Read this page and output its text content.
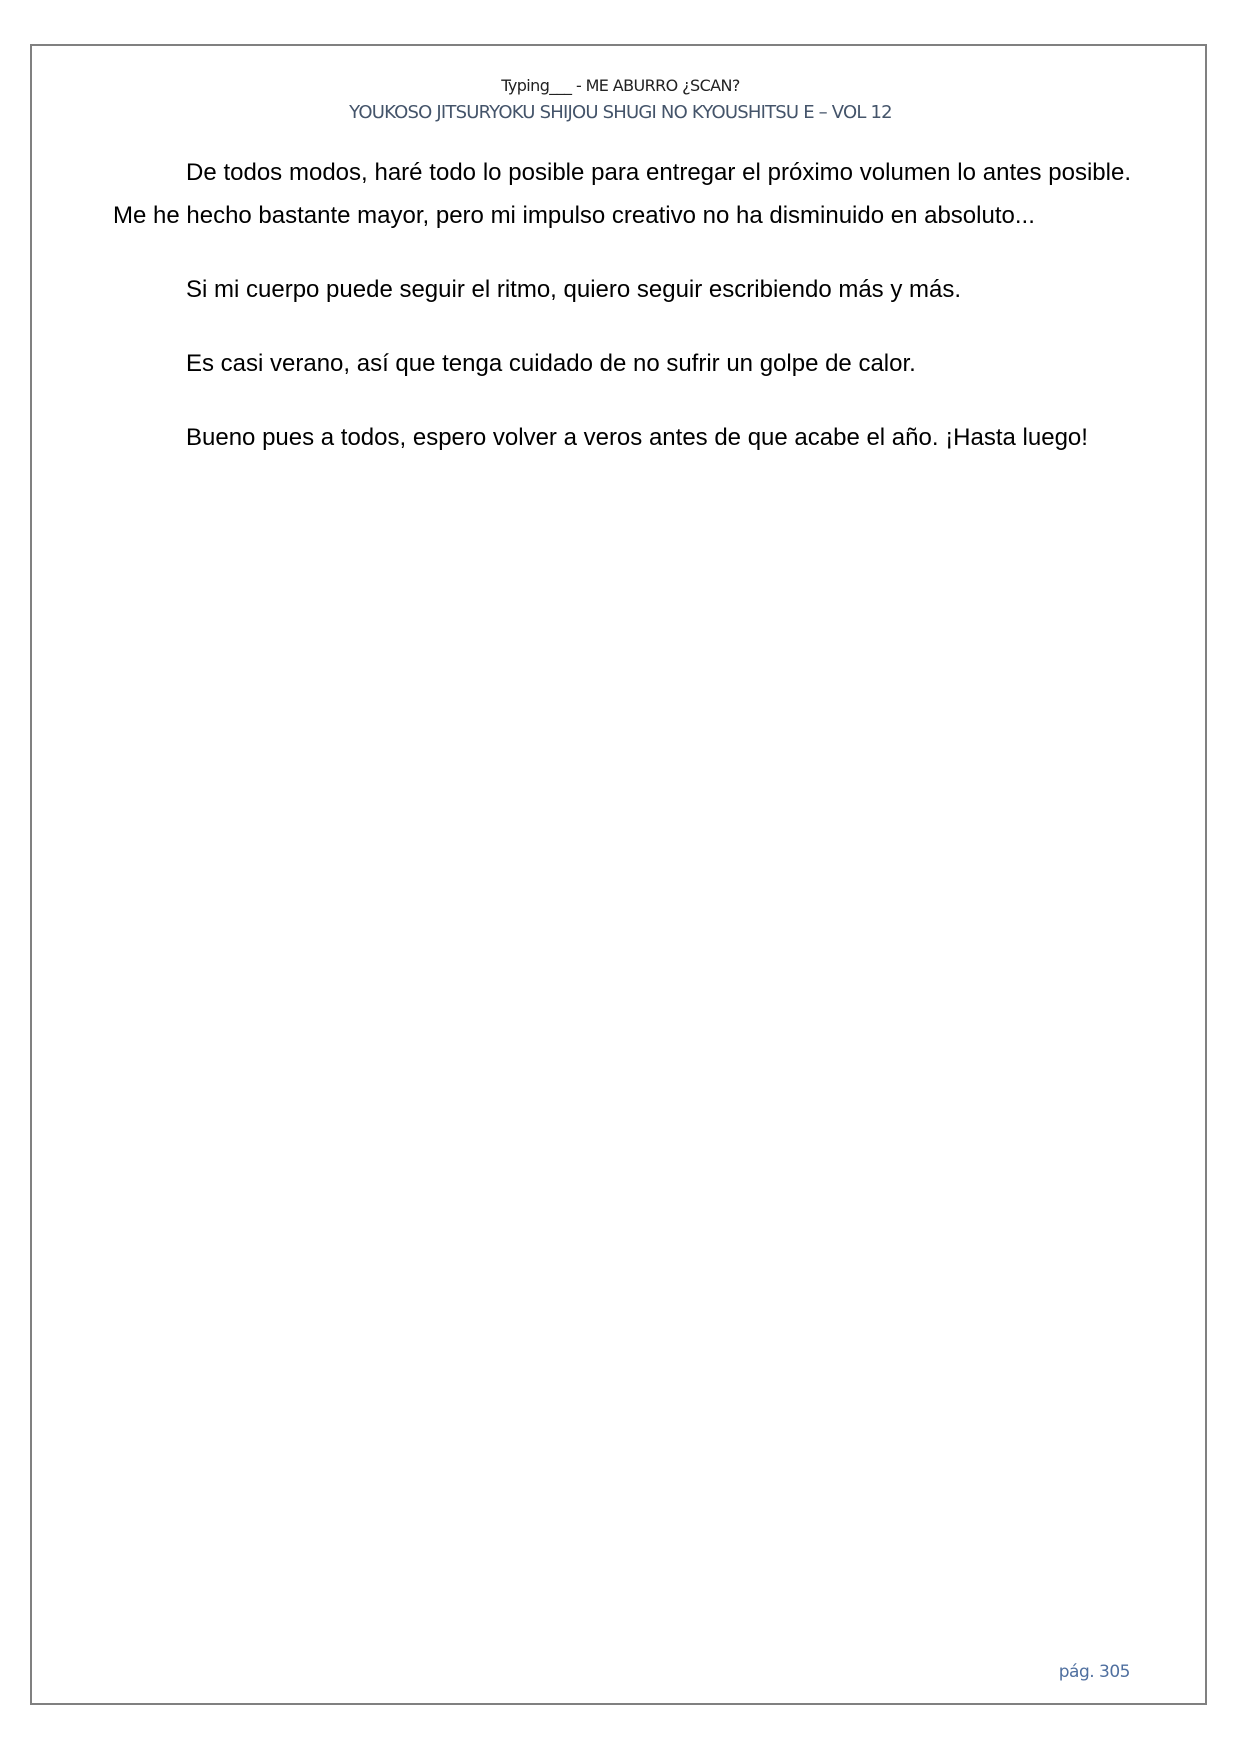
Typing___ - ME ABURRO ¿SCAN?
YOUKOSO JITSURYOKU SHIJOU SHUGI NO KYOUSHITSU E – VOL 12

De todos modos, haré todo lo posible para entregar el próximo volumen lo antes posible. Me he hecho bastante mayor, pero mi impulso creativo no ha disminuido en absoluto...

Si mi cuerpo puede seguir el ritmo, quiero seguir escribiendo más y más.

Es casi verano, así que tenga cuidado de no sufrir un golpe de calor.

Bueno pues a todos, espero volver a veros antes de que acabe el año. ¡Hasta luego!

pág. 305
